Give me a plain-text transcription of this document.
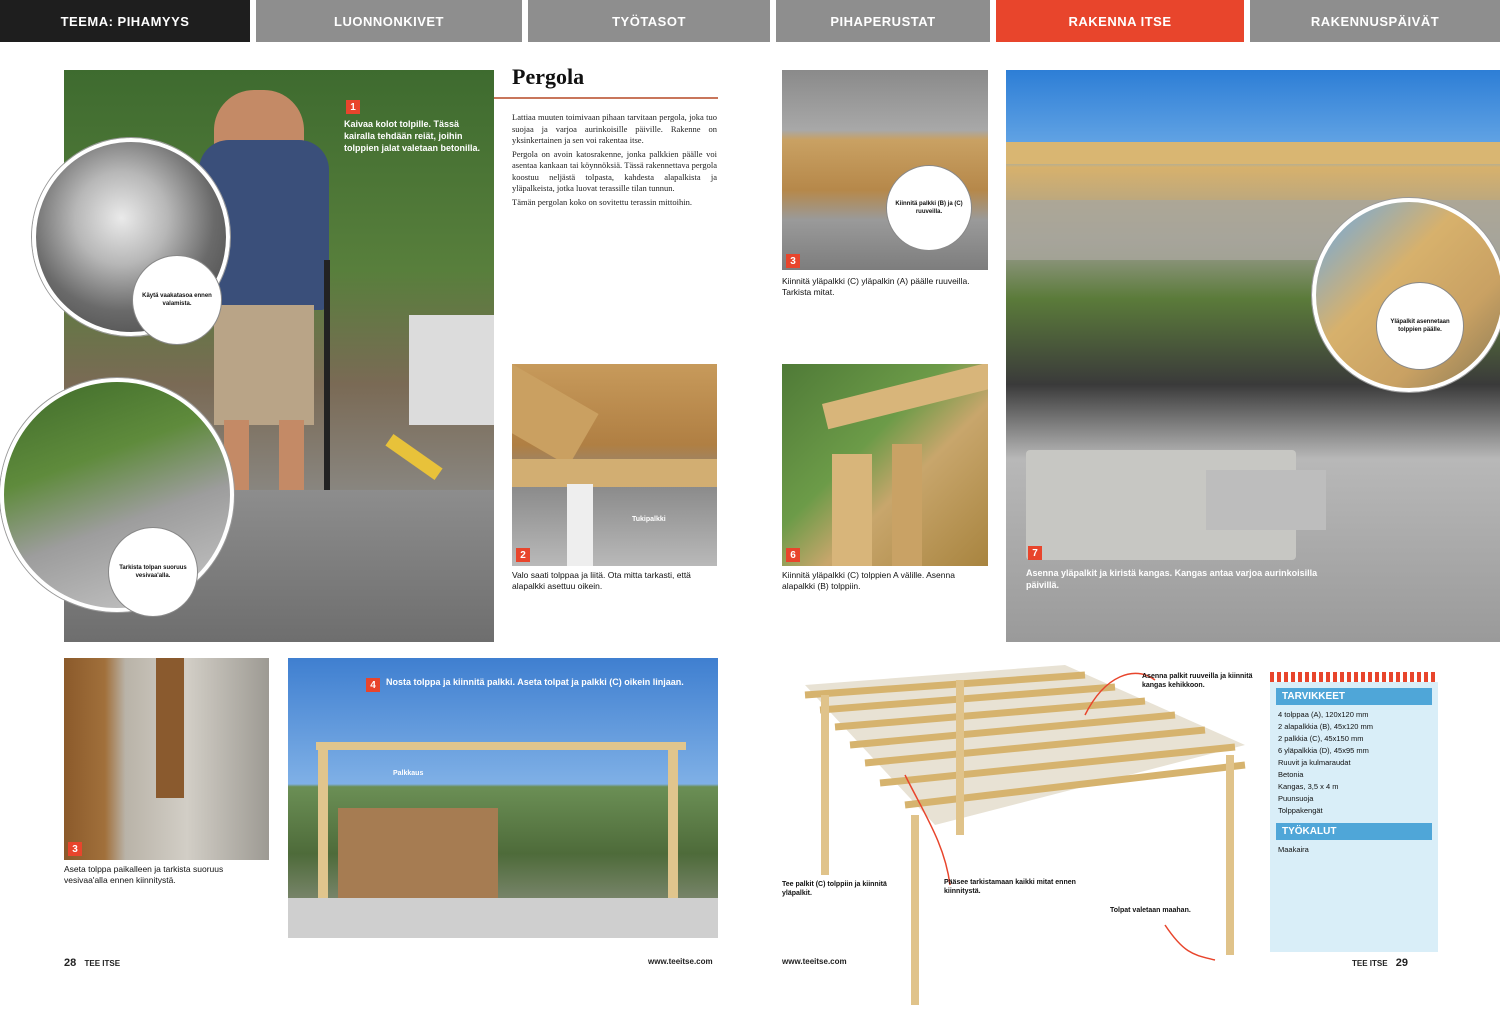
TEEMA: PIHAMYYS	LUONNONKIVET	TYÖTASOT	PIHAPERUSTAT	RAKENNA ITSE	RAKENNUSPÄIVÄT
1
Kaivaa kolot tolpille. Tässä kairalla tehdään reiät, joihin tolppien jalat valetaan betonilla.
Käytä vaakatasoa ennen valamista.
Tarkista tolpan suoruus vesivaa'alla.
Pergola

Lattiaa muuten toimivaan pihaan tarvitaan pergola, joka tuo suojaa ja varjoa aurinkoisille päiville. Rakenne on yksinkertainen ja sen voi rakentaa itse.

Pergola on avoin katosrakenne, jonka palkkien päälle voi asentaa kankaan tai köynnöksiä. Tässä rakennettava pergola koostuu neljästä tolpasta, kahdesta alapalkista ja yläpalkeista, jotka luovat terassille tilan tunnun.

Tämän pergolan koko on sovitettu terassin mittoihin.

Tukipalkki
2
Valo saati tolppaa ja liitä. Ota mitta tarkasti, että alapalkki asettuu oikein.
3
Aseta tolppa paikalleen ja tarkista suoruus vesivaa'alla ennen kiinnitystä.
Palkkaus
4	Nosta tolppa ja kiinnitä palkki. Aseta tolpat ja palkki (C) oikein linjaan.
28 TEE ITSE	www.teeitse.com
3
Kiinnitä palkki (B) ja (C) ruuveilla.
Kiinnitä yläpalkki (C) yläpalkin (A) päälle ruuveilla. Tarkista mitat.
6
Kiinnitä yläpalkki (C) tolppien A välille. Asenna alapalkki (B) tolppiin.
7
Asenna yläpalkit ja kiristä kangas. Kangas antaa varjoa aurinkoisilla päivillä.
Yläpalkit asennetaan tolppien päälle.
Asenna palkit ruuveilla ja kiinnitä kangas kehikkoon.
Tee palkit (C) tolppiin ja kiinnitä yläpalkit.
Pääsee tarkistamaan kaikki mitat ennen kiinnitystä.
Tolpat valetaan maahan.
TARVIKKEET
4 tolppaa (A), 120x120 mm
2 alapalkkia (B), 45x120 mm
2 palkkia (C), 45x150 mm
6 yläpalkkia (D), 45x95 mm
Ruuvit ja kulmaraudat
Betonia
Kangas, 3,5 x 4 m
Puunsuoja
Tolppakengät
TYÖKALUT
Maakaira
www.teeitse.com	TEE ITSE 29
